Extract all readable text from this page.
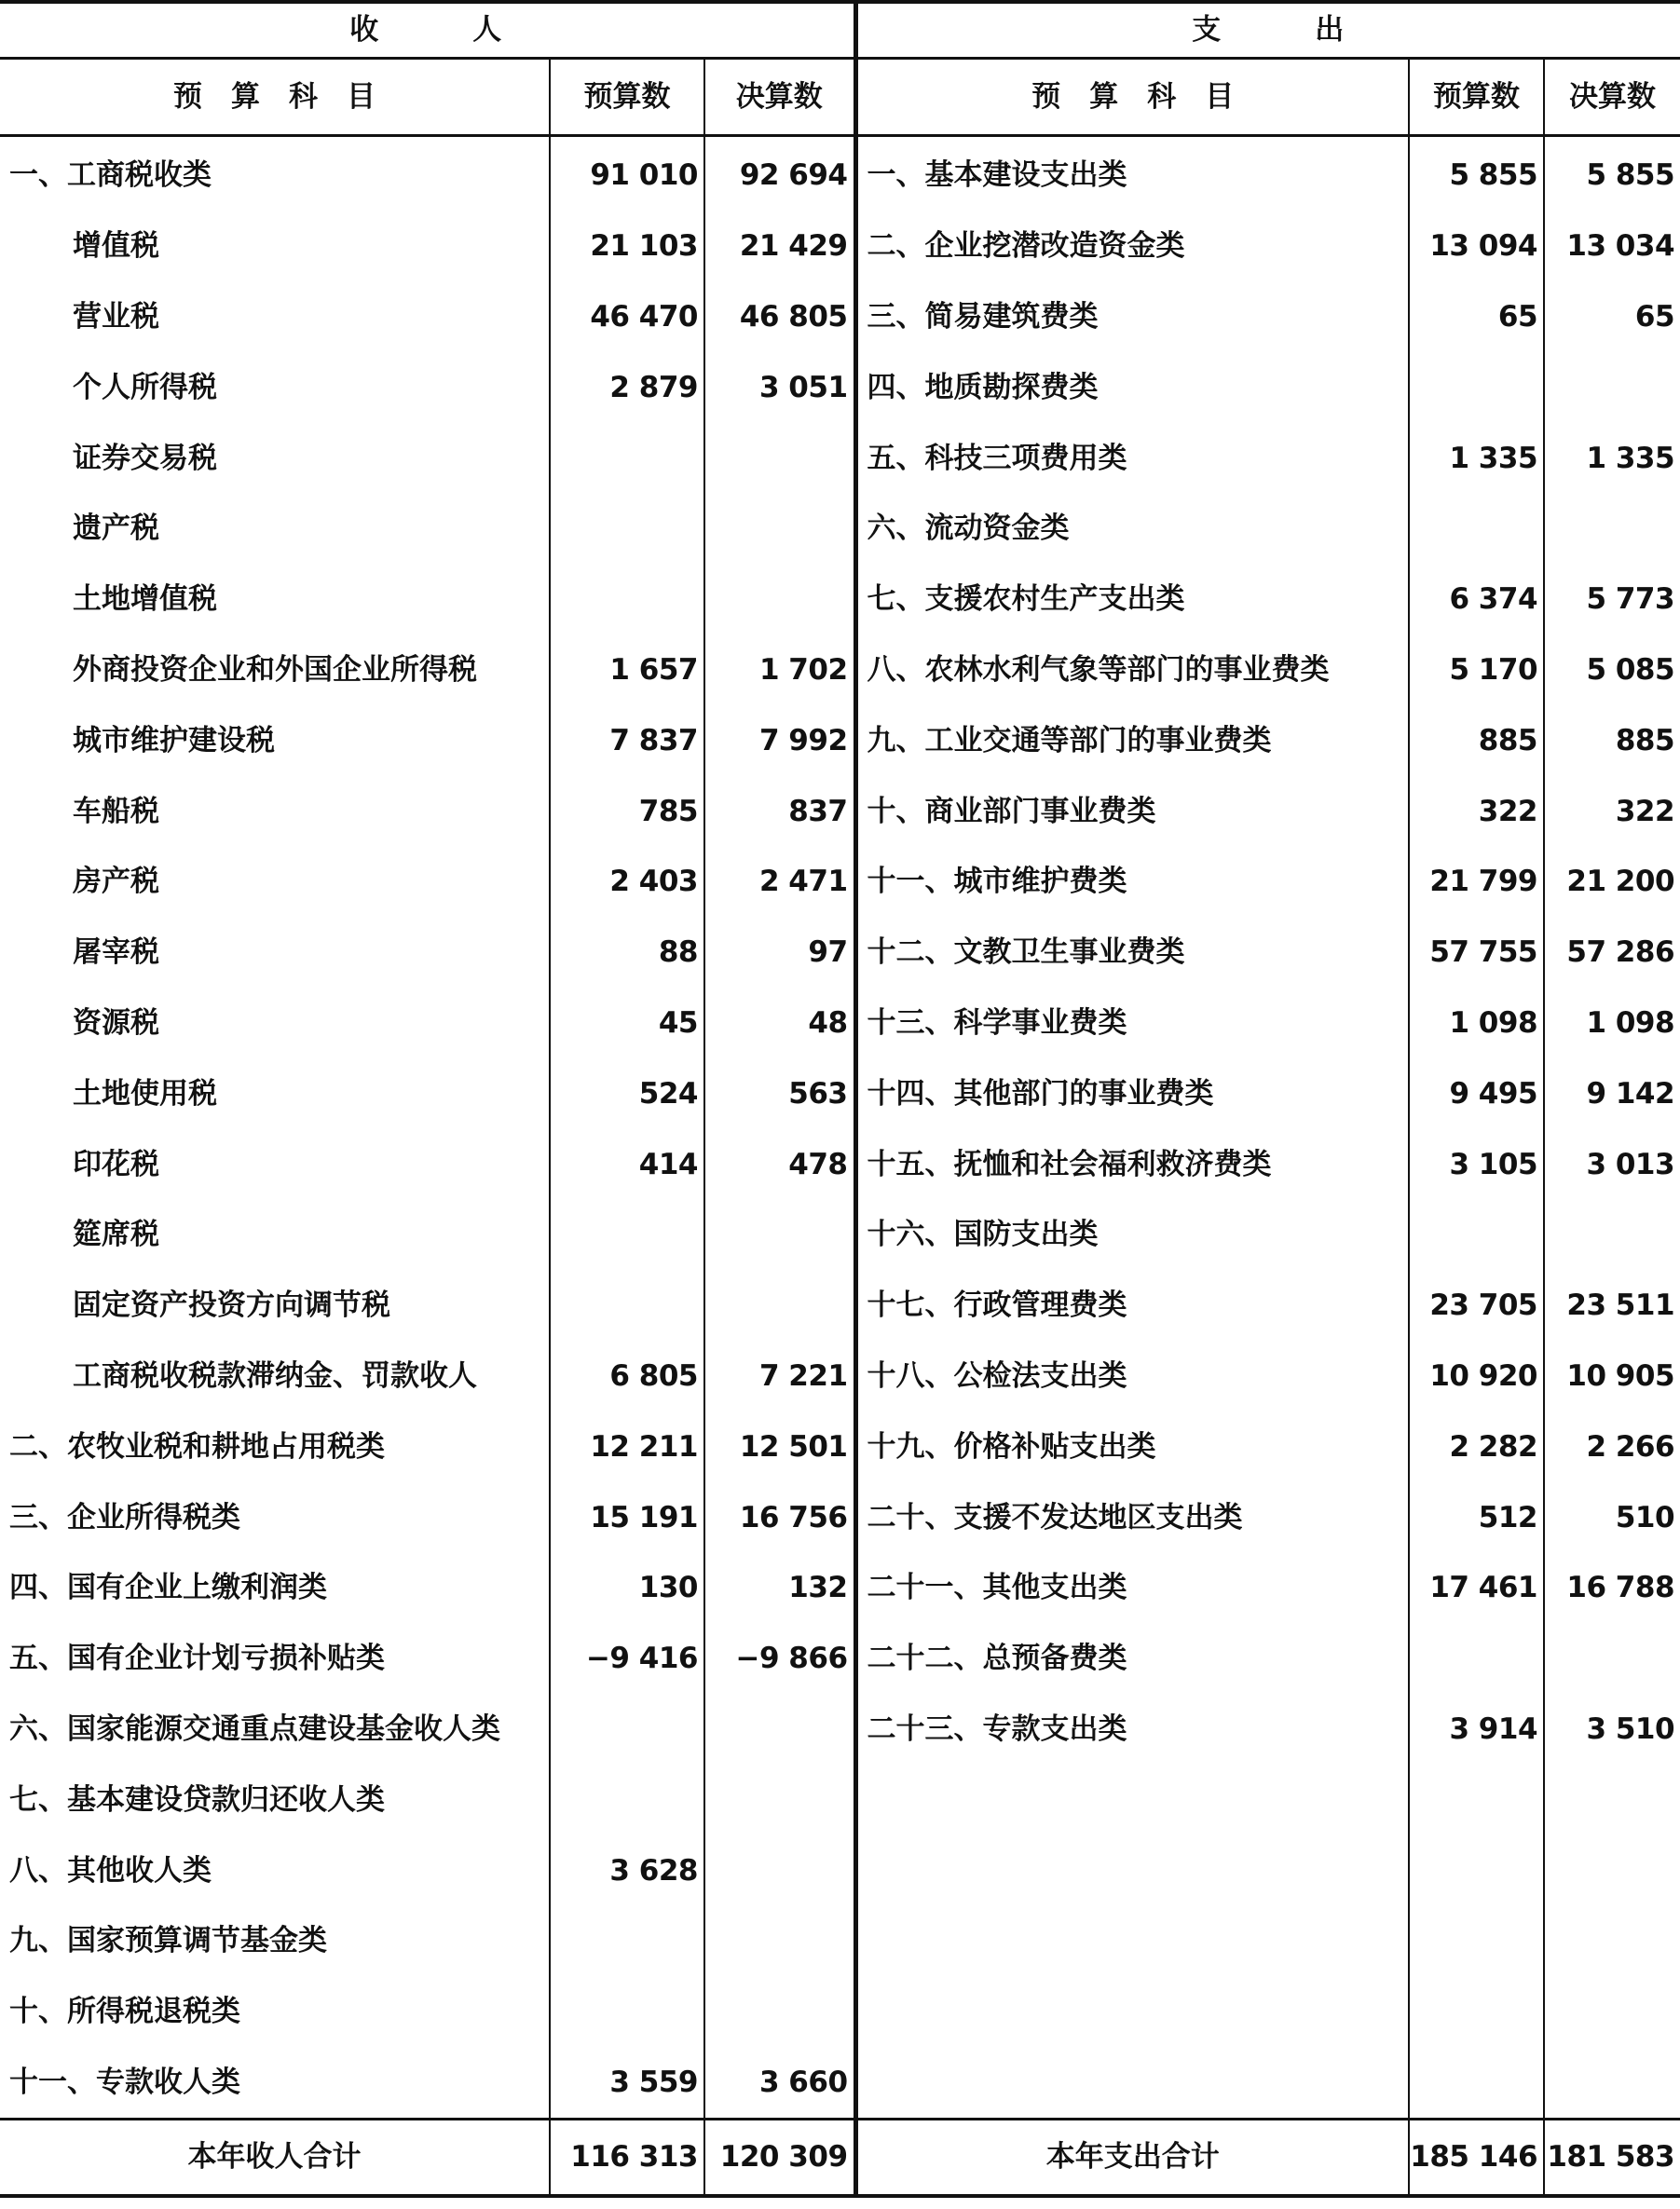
收　　　人			支　　　出		
预　算　科　目	预算数	决算数	预　算　科　目	预算数	决算数
一、工商税收类	91 010	92 694	一、基本建设支出类	5 855	5 855
增值税	21 103	21 429	二、企业挖潜改造资金类	13 094	13 034
营业税	46 470	46 805	三、简易建筑费类	65	65
个人所得税	2 879	3 051	四、地质勘探费类		
证券交易税			五、科技三项费用类	1 335	1 335
遗产税			六、流动资金类		
土地增值税			七、支援农村生产支出类	6 374	5 773
外商投资企业和外国企业所得税	1 657	1 702	八、农林水利气象等部门的事业费类	5 170	5 085
城市维护建设税	7 837	7 992	九、工业交通等部门的事业费类	885	885
车船税	785	837	十、商业部门事业费类	322	322
房产税	2 403	2 471	十一、城市维护费类	21 799	21 200
屠宰税	88	97	十二、文教卫生事业费类	57 755	57 286
资源税	45	48	十三、科学事业费类	1 098	1 098
土地使用税	524	563	十四、其他部门的事业费类	9 495	9 142
印花税	414	478	十五、抚恤和社会福利救济费类	3 105	3 013
筵席税			十六、国防支出类		
固定资产投资方向调节税			十七、行政管理费类	23 705	23 511
工商税收税款滞纳金、罚款收人	6 805	7 221	十八、公检法支出类	10 920	10 905
二、农牧业税和耕地占用税类	12 211	12 501	十九、价格补贴支出类	2 282	2 266
三、企业所得税类	15 191	16 756	二十、支援不发达地区支出类	512	510
四、国有企业上缴利润类	130	132	二十一、其他支出类	17 461	16 788
五、国有企业计划亏损补贴类	−9 416	−9 866	二十二、总预备费类		
六、国家能源交通重点建设基金收人类			二十三、专款支出类	3 914	3 510
七、基本建设贷款归还收人类					
八、其他收人类	3 628				
九、国家预算调节基金类					
十、所得税退税类					
十一、专款收人类	3 559	3 660			
本年收人合计	116 313	120 309	本年支出合计	185 146	181 583
